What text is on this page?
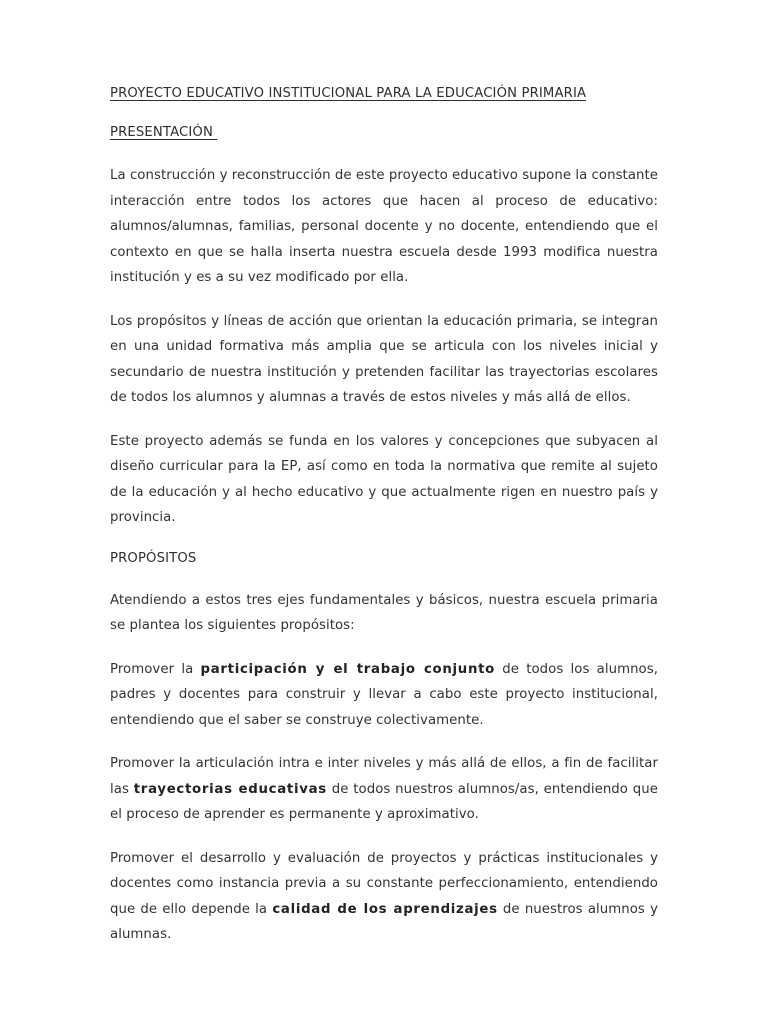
PROYECTO EDUCATIVO INSTITUCIONAL PARA LA EDUCACIÓN PRIMARIA
PRESENTACIÓN

La construcción y reconstrucción de este proyecto educativo supone la constante interacción entre todos los actores que hacen al proceso de educativo: alumnos/alumnas, familias, personal docente y no docente, entendiendo que el contexto en que se halla inserta nuestra escuela desde 1993 modifica nuestra institución y es a su vez modificado por ella.

Los propósitos y líneas de acción que orientan la educación primaria, se integran en una unidad formativa más amplia que se articula con los niveles inicial y secundario de nuestra institución y pretenden facilitar las trayectorias escolares de todos los alumnos y alumnas a través de estos niveles y más allá de ellos.

Este proyecto además se funda en los valores y concepciones que subyacen al diseño curricular para la EP, así como en toda la normativa que remite al sujeto de la educación y al hecho educativo y que actualmente rigen en nuestro país y provincia.

PROPÓSITOS

Atendiendo a estos tres ejes fundamentales y básicos, nuestra escuela primaria se plantea los siguientes propósitos:

Promover la participación y el trabajo conjunto de todos los alumnos, padres y docentes para construir y llevar a cabo este proyecto institucional, entendiendo que el saber se construye colectivamente.

Promover la articulación intra e inter niveles y más allá de ellos, a fin de facilitar las trayectorias educativas de todos nuestros alumnos/as, entendiendo que el proceso de aprender es permanente y aproximativo.

Promover el desarrollo y evaluación de proyectos y prácticas institucionales y docentes como instancia previa a su constante perfeccionamiento, entendiendo que de ello depende la calidad de los aprendizajes de nuestros alumnos y alumnas.
